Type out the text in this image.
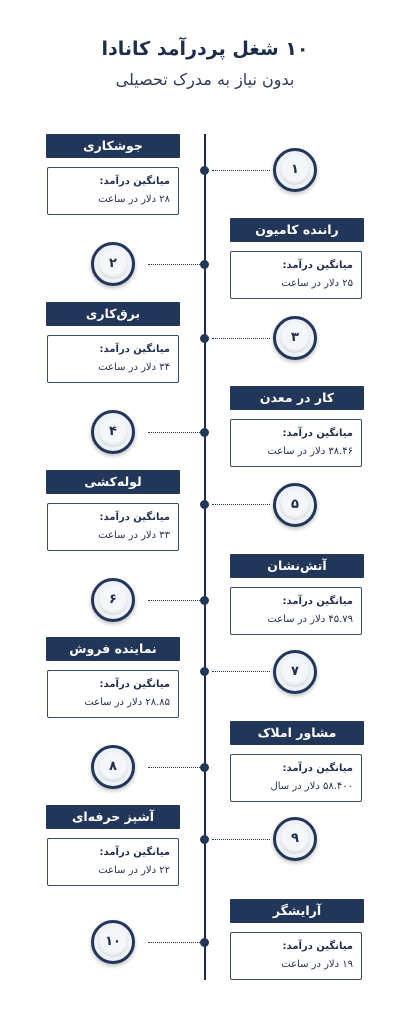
۱۰ شغل پردرآمد کانادا
بدون نیاز به مدرک تحصیلی
جوشکاری
میانگین درآمد:
۲۸ دلار در ساعت
۱
راننده کامیون
میانگین درآمد:
۲۵ دلار در ساعت
۲
برق‌کاری
میانگین درآمد:
۳۴ دلار در ساعت
۳
کار در معدن
میانگین درآمد:
۳۸.۴۶ دلار در ساعت
۴
لوله‌کشی
میانگین درآمد:
۳۳ دلار در ساعت
۵
آتش‌نشان
میانگین درآمد:
۴۵.۷۹ دلار در ساعت
۶
نماینده فروش
میانگین درآمد:
۲۸.۸۵ دلار در ساعت
۷
مشاور املاک
میانگین درآمد:
۵۸.۴۰۰ دلار در سال
۸
آشپز حرفه‌ای
میانگین درآمد:
۲۲ دلار در ساعت
۹
آرایشگر
میانگین درآمد:
۱۹ دلار در ساعت
۱۰
